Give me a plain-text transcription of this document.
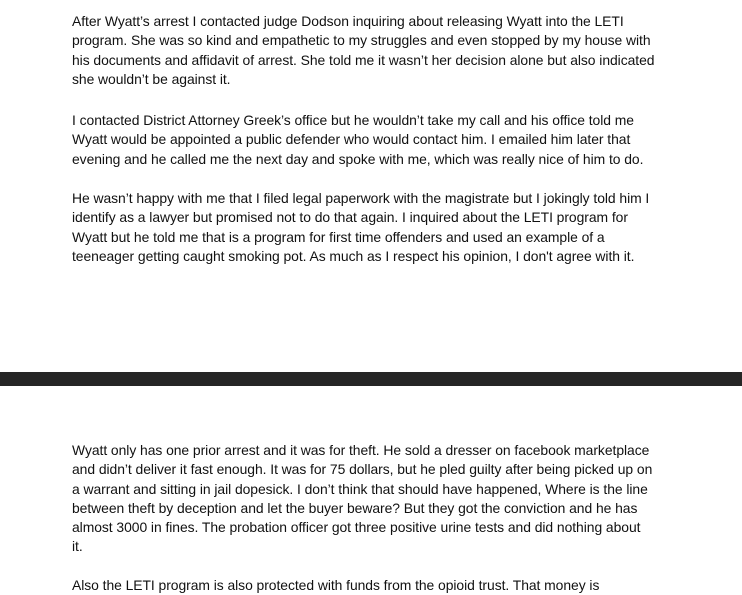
After Wyatt’s arrest I contacted judge Dodson inquiring about releasing Wyatt into the LETI
program. She was so kind and empathetic to my struggles and even stopped by my house with
his documents and affidavit of arrest. She told me it wasn’t her decision alone but also indicated
she wouldn’t be against it.

I contacted District Attorney Greek’s office but he wouldn’t take my call and his office told me
Wyatt would be appointed a public defender who would contact him. I emailed him later that
evening and he called me the next day and spoke with me, which was really nice of him to do.

He wasn’t happy with me that I filed legal paperwork with the magistrate but I jokingly told him I
identify as a lawyer but promised not to do that again. I inquired about the LETI program for
Wyatt but he told me that is a program for first time offenders and used an example of a
teeneager getting caught smoking pot. As much as I respect his opinion, I don't agree with it.

Wyatt only has one prior arrest and it was for theft. He sold a dresser on facebook marketplace
and didn’t deliver it fast enough. It was for 75 dollars, but he pled guilty after being picked up on
a warrant and sitting in jail dopesick. I don’t think that should have happened, Where is the line
between theft by deception and let the buyer beware? But they got the conviction and he has
almost 3000 in fines. The probation officer got three positive urine tests and did nothing about
it.

Also the LETI program is also protected with funds from the opioid trust. That money is
